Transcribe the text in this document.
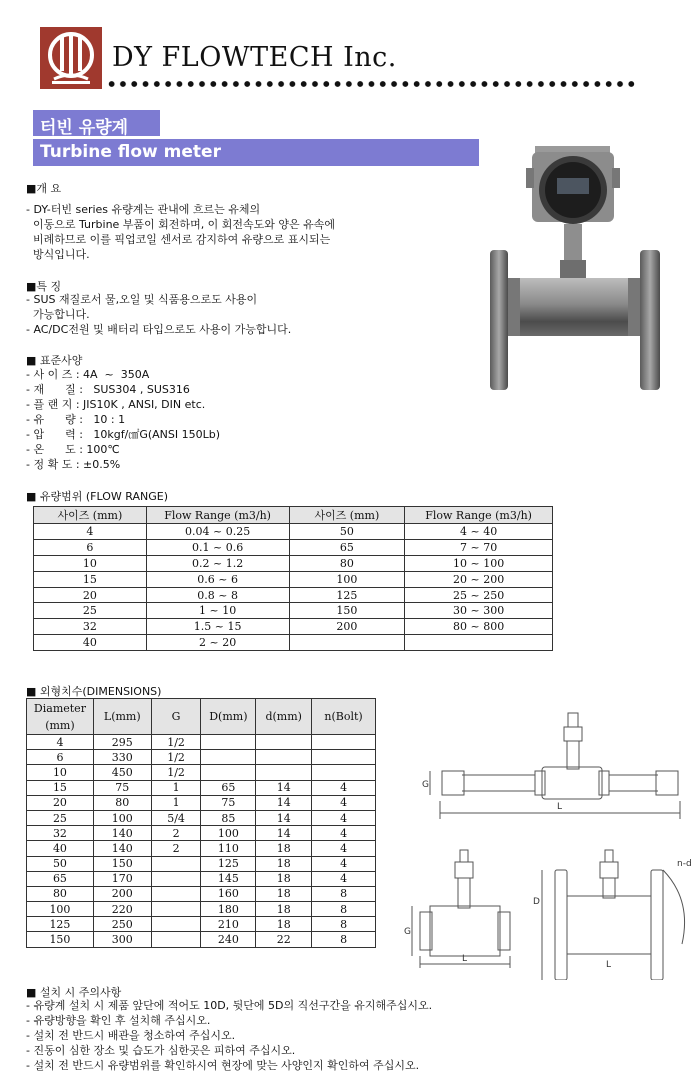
DY FLOWTECH Inc.
터빈 유량계
Turbine flow meter
■개 요
- DY-터빈 series 유량계는 관내에 흐르는 유체의
이동으로 Turbine 부품이 회전하며, 이 회전속도와 양은 유속에
비례하므로 이를 픽업코일 센서로 감지하여 유량으로 표시되는
방식입니다.
■특 징
- SUS 재질로서 물,오일 및 식품용으로도 사용이
가능합니다.
- AC/DC전원 및 배터리 타입으로도 사용이 가능합니다.
■ 표준사양
- 사 이 즈 : 4A  ~  350A
- 재      질 :   SUS304 , SUS316
- 플 랜 지 : JIS10K , ANSI, DIN etc.
- 유      량 :   10 : 1
- 압      력 :   10kgf/㎠G(ANSI 150Lb)
- 온      도 : 100℃
- 정 확 도 : ±0.5%
■ 유량범위 (FLOW RANGE)
사이즈 (mm)	Flow Range (m3/h)	사이즈 (mm)	Flow Range (m3/h)
4	0.04 ~ 0.25	50	4 ~ 40
6	0.1 ~ 0.6	65	7 ~ 70
10	0.2 ~ 1.2	80	10 ~ 100
15	0.6 ~ 6	100	20 ~ 200
20	0.8 ~ 8	125	25 ~ 250
25	1 ~ 10	150	30 ~ 300
32	1.5 ~ 15	200	80 ~ 800
40	2 ~ 20		
■ 외형치수(DIMENSIONS)
Diameter
(mm)	L(mm)	G	D(mm)	d(mm)	n(Bolt)
4	295	1/2			
6	330	1/2			
10	450	1/2			
15	75	1	65	14	4
20	80	1	75	14	4
25	100	5/4	85	14	4
32	140	2	100	14	4
40	140	2	110	18	4
50	150		125	18	4
65	170		145	18	4
80	200		160	18	8
100	220		180	18	8
125	250		210	18	8
150	300		240	22	8
G
L
G
L
D
L
n-d
■ 설치 시 주의사항
- 유량계 설치 시 제품 앞단에 적어도 10D, 뒷단에 5D의 직선구간을 유지해주십시오.
- 유량방향을 확인 후 설치해 주십시오.
- 설치 전 반드시 배관을 청소하여 주십시오.
- 진동이 심한 장소 및 습도가 심한곳은 피하여 주십시오.
- 설치 전 반드시 유량범위를 확인하시여 현장에 맞는 사양인지 확인하여 주십시오.
